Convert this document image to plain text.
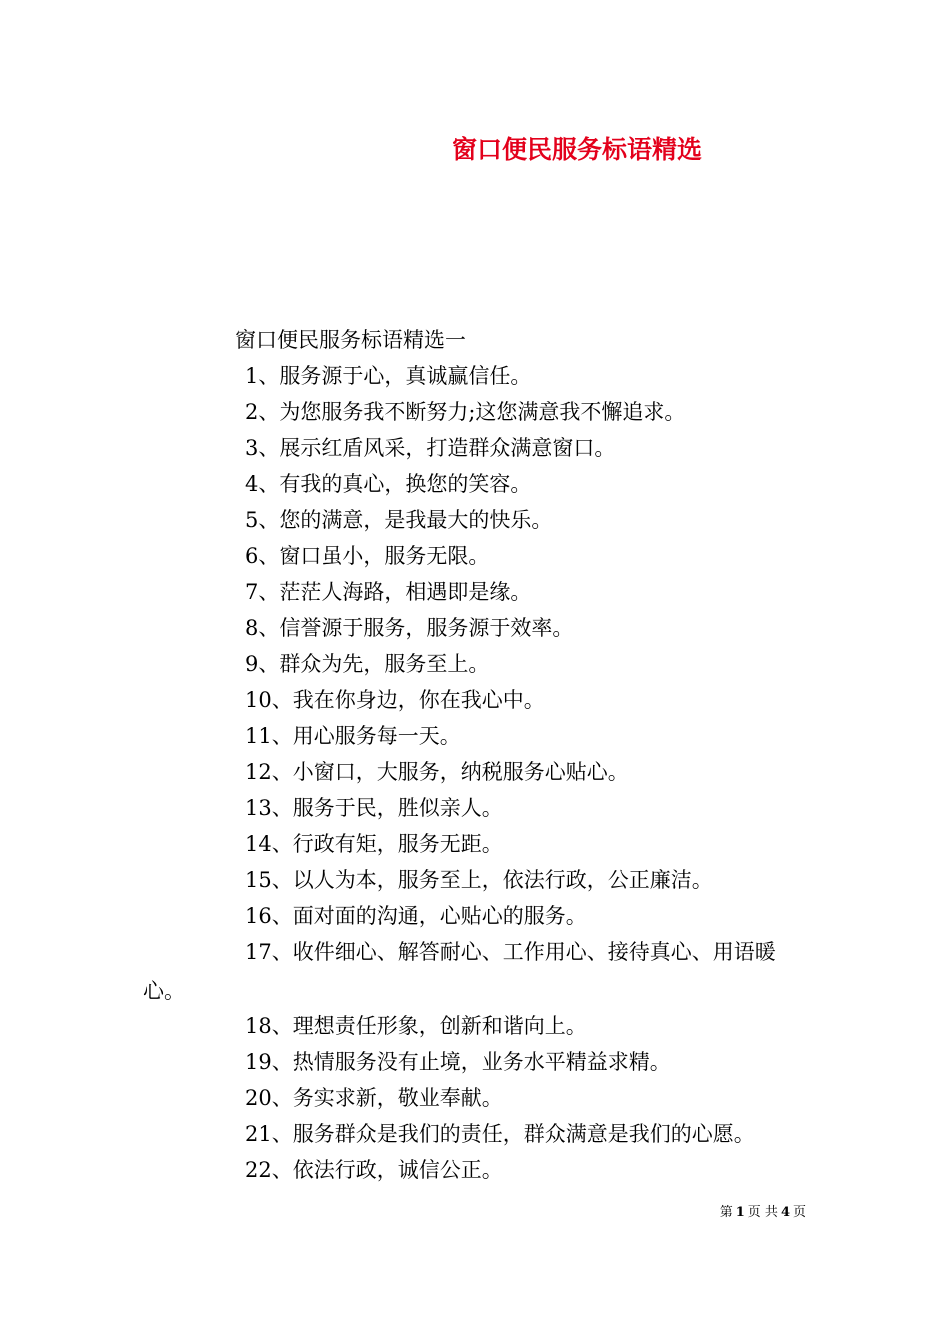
窗口便民服务标语精选
窗口便民服务标语精选一
1、服务源于心，真诚赢信任。
2、为您服务我不断努力;这您满意我不懈追求。
3、展示红盾风采，打造群众满意窗口。
4、有我的真心，换您的笑容。
5、您的满意，是我最大的快乐。
6、窗口虽小，服务无限。
7、茫茫人海路，相遇即是缘。
8、信誉源于服务，服务源于效率。
9、群众为先，服务至上。
10、我在你身边，你在我心中。
11、用心服务每一天。
12、小窗口，大服务，纳税服务心贴心。
13、服务于民，胜似亲人。
14、行政有矩，服务无距。
15、以人为本，服务至上，依法行政，公正廉洁。
16、面对面的沟通，心贴心的服务。
17、收件细心、解答耐心、工作用心、接待真心、用语暖
心。
18、理想责任形象，创新和谐向上。
19、热情服务没有止境，业务水平精益求精。
20、务实求新，敬业奉献。
21、服务群众是我们的责任，群众满意是我们的心愿。
22、依法行政，诚信公正。
第 1 页 共 4 页
